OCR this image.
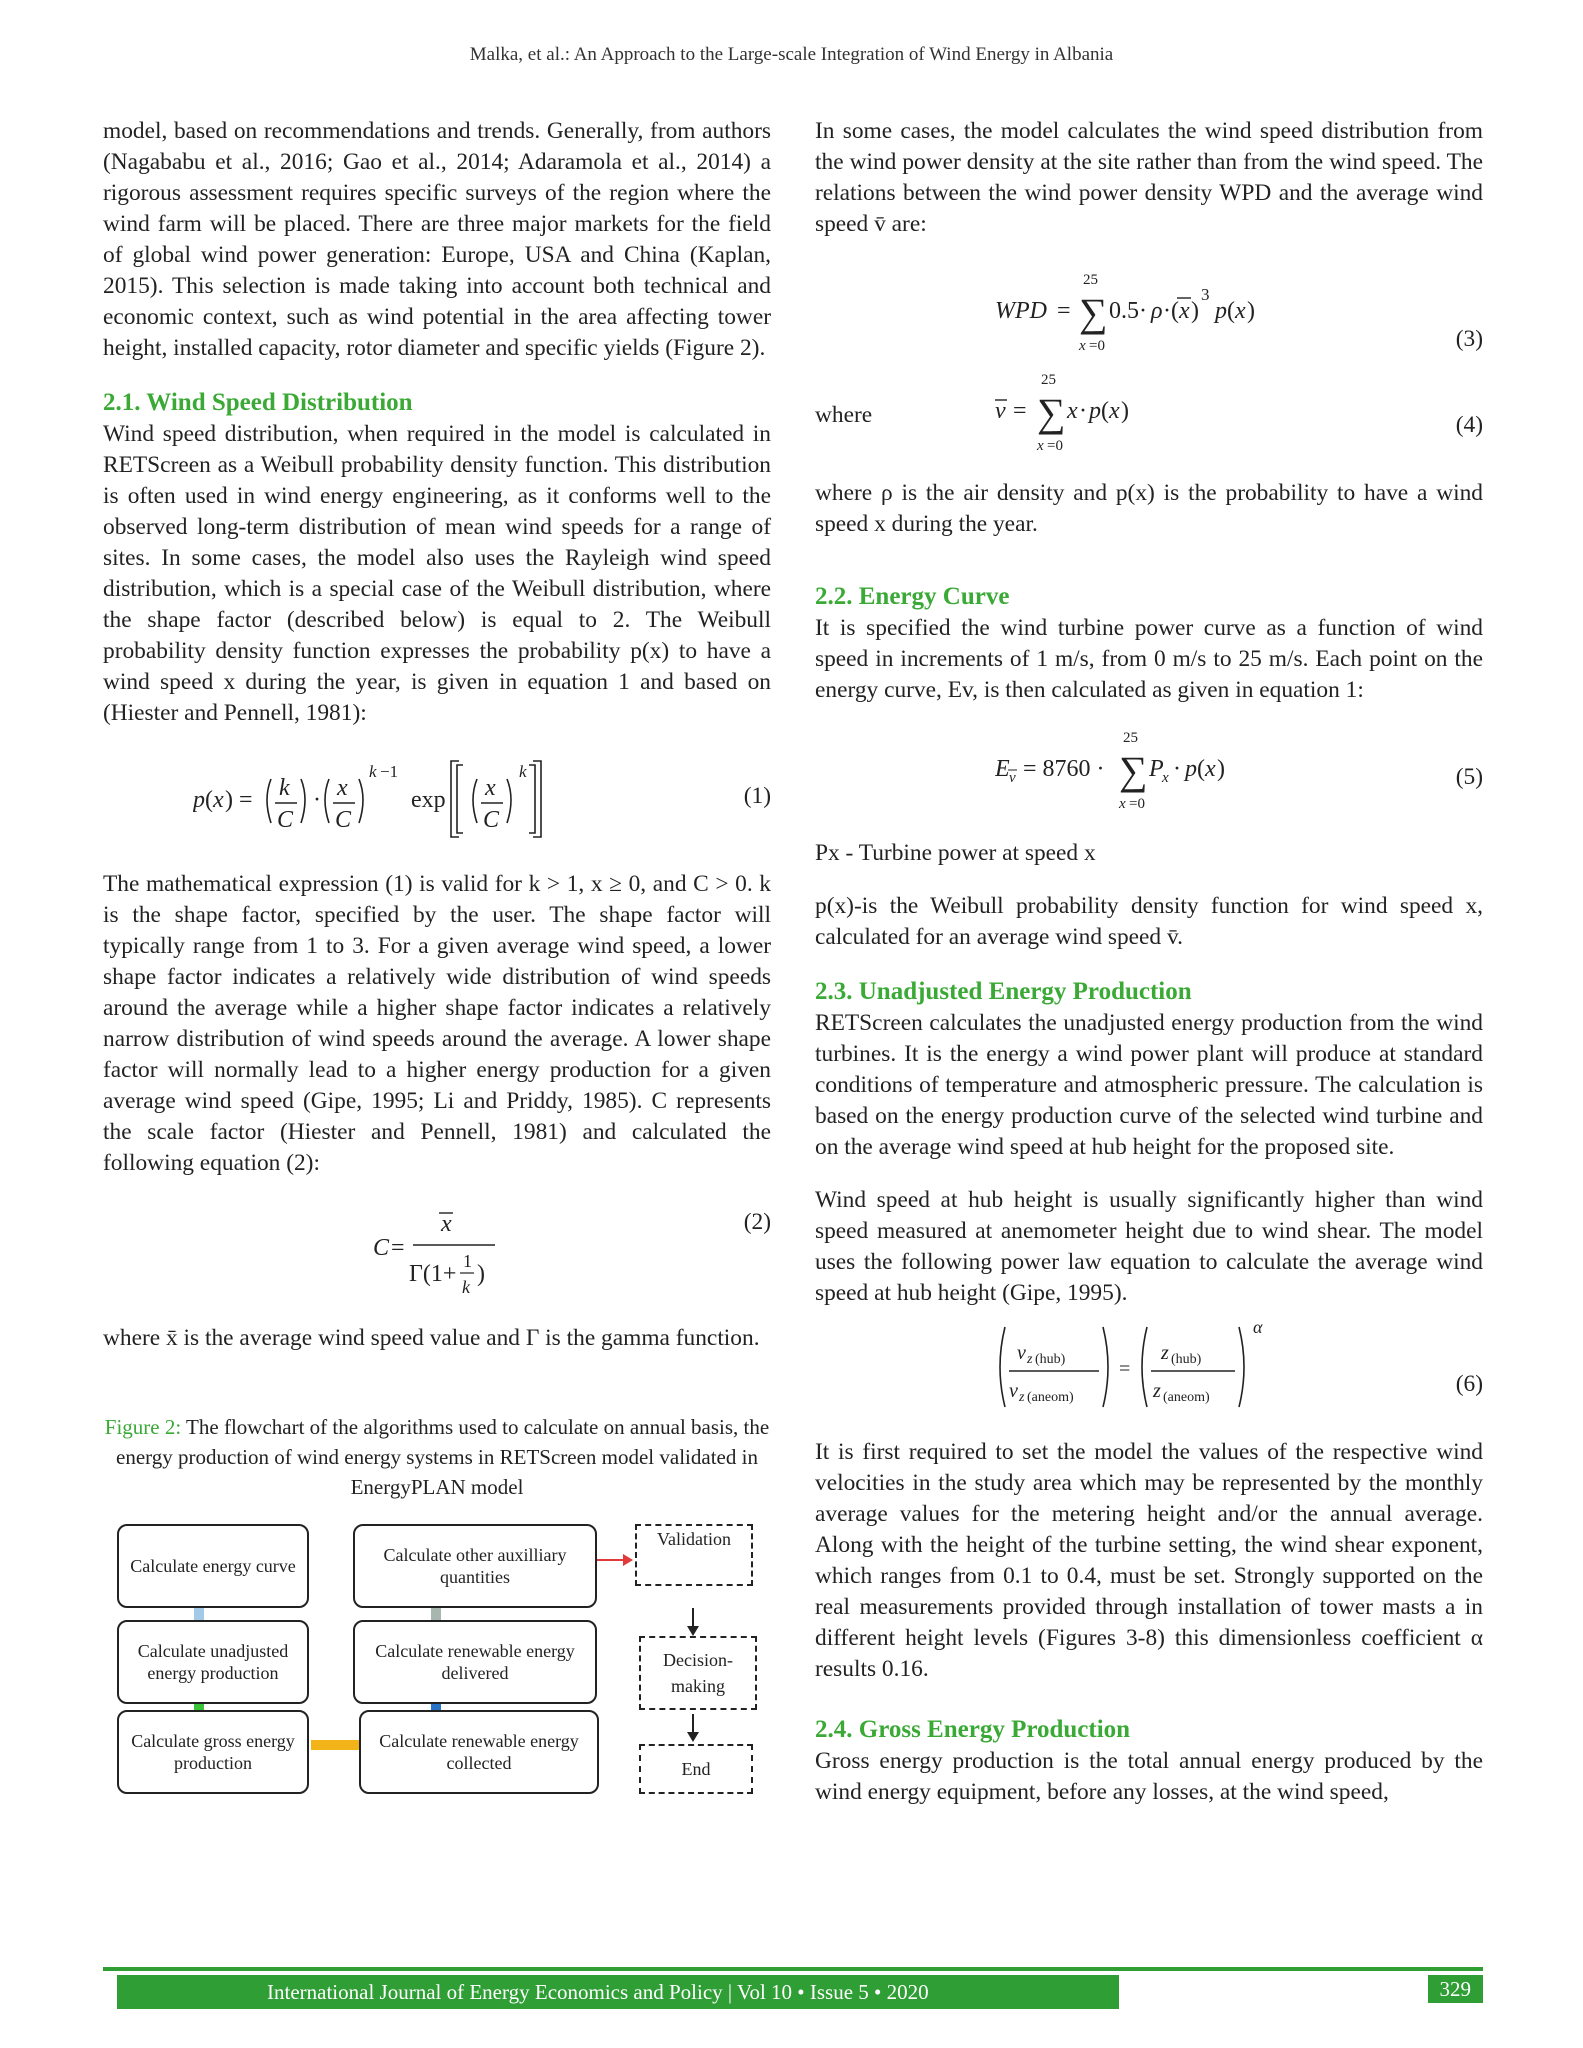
Malka, et al.: An Approach to the Large-scale Integration of Wind Energy in Albania

model, based on recommendations and trends. Generally, from authors (Nagababu et al., 2016; Gao et al., 2014; Adaramola et al., 2014) a rigorous assessment requires specific surveys of the region where the wind farm will be placed. There are three major markets for the field of global wind power generation: Europe, USA and China (Kaplan, 2015). This selection is made taking into account both technical and economic context, such as wind potential in the area affecting tower height, installed capacity, rotor diameter and specific yields (Figure 2).

2.1. Wind Speed Distribution

Wind speed distribution, when required in the model is calculated in RETScreen as a Weibull probability density function. This distribution is often used in wind energy engineering, as it conforms well to the observed long-term distribution of mean wind speeds for a range of sites. In some cases, the model also uses the Rayleigh wind speed distribution, which is a special case of the Weibull distribution, where the shape factor (described below) is equal to 2. The Weibull probability density function expresses the probability p(x) to have a wind speed x during the year, is given in equation 1 and based on (Hiester and Pennell, 1981):

p ( x ) = k
C
· x
C
k −1
exp x
C
k
(1)

The mathematical expression (1) is valid for k > 1, x ≥ 0, and C > 0. k is the shape factor, specified by the user. The shape factor will typically range from 1 to 3. For a given average wind speed, a lower shape factor indicates a relatively wide distribution of wind speeds around the average while a higher shape factor indicates a relatively narrow distribution of wind speeds around the average. A lower shape factor will normally lead to a higher energy production for a given average wind speed (Gipe, 1995; Li and Priddy, 1985). C represents the scale factor (Hiester and Pennell, 1981) and calculated the following equation (2):

C =
x
Γ(1+ 1
k )
(2)

where x̄ is the average wind speed value and Γ is the gamma function.

Figure 2: The flowchart of the algorithms used to calculate on annual basis, the energy production of wind energy systems in RETScreen model validated in EnergyPLAN model

Calculate energy curve
Calculate unadjusted energy production
Calculate gross energy production
Calculate other auxilliary quantities
Calculate renewable energy delivered
Calculate renewable energy collected
Validation
Decision-making
End

In some cases, the model calculates the wind speed distribution from the wind power density at the site rather than from the wind speed. The relations between the wind power density WPD and the average wind speed v̄ are:

WPD =
25
∑
x =0
0.5· ρ ·( x )
3
p ( x )
(3)
where	v =
25
∑
x =0
x · p ( x )
(4)

where ρ is the air density and p(x) is the probability to have a wind speed x during the year.

2.2. Energy Curve

It is specified the wind turbine power curve as a function of wind speed in increments of 1 m/s, from 0 m/s to 25 m/s. Each point on the energy curve, Ev, is then calculated as given in equation 1:

E v = 8760 ·
25
∑
x =0
P
x · p ( x )	(5)

Px - Turbine power at speed x

p(x)-is the Weibull probability density function for wind speed x, calculated for an average wind speed v̄.

2.3. Unadjusted Energy Production

RETScreen calculates the unadjusted energy production from the wind turbines. It is the energy a wind power plant will produce at standard conditions of temperature and atmospheric pressure. The calculation is based on the energy production curve of the selected wind turbine and on the average wind speed at hub height for the proposed site.

Wind speed at hub height is usually significantly higher than wind speed measured at anemometer height due to wind shear. The model uses the following power law equation to calculate the average wind speed at hub height (Gipe, 1995).

v z (hub)
v z (aneom)
=
z (hub)
z (aneom)
α
(6)

It is first required to set the model the values of the respective wind velocities in the study area which may be represented by the monthly average values for the metering height and/or the annual average. Along with the height of the turbine setting, the wind shear exponent, which ranges from 0.1 to 0.4, must be set. Strongly supported on the real measurements provided through installation of tower masts a in different height levels (Figures 3-8) this dimensionless coefficient α results 0.16.

2.4. Gross Energy Production

Gross energy production is the total annual energy produced by the wind energy equipment, before any losses, at the wind speed,

International Journal of Energy Economics and Policy | Vol 10 • Issue 5 • 2020	329
